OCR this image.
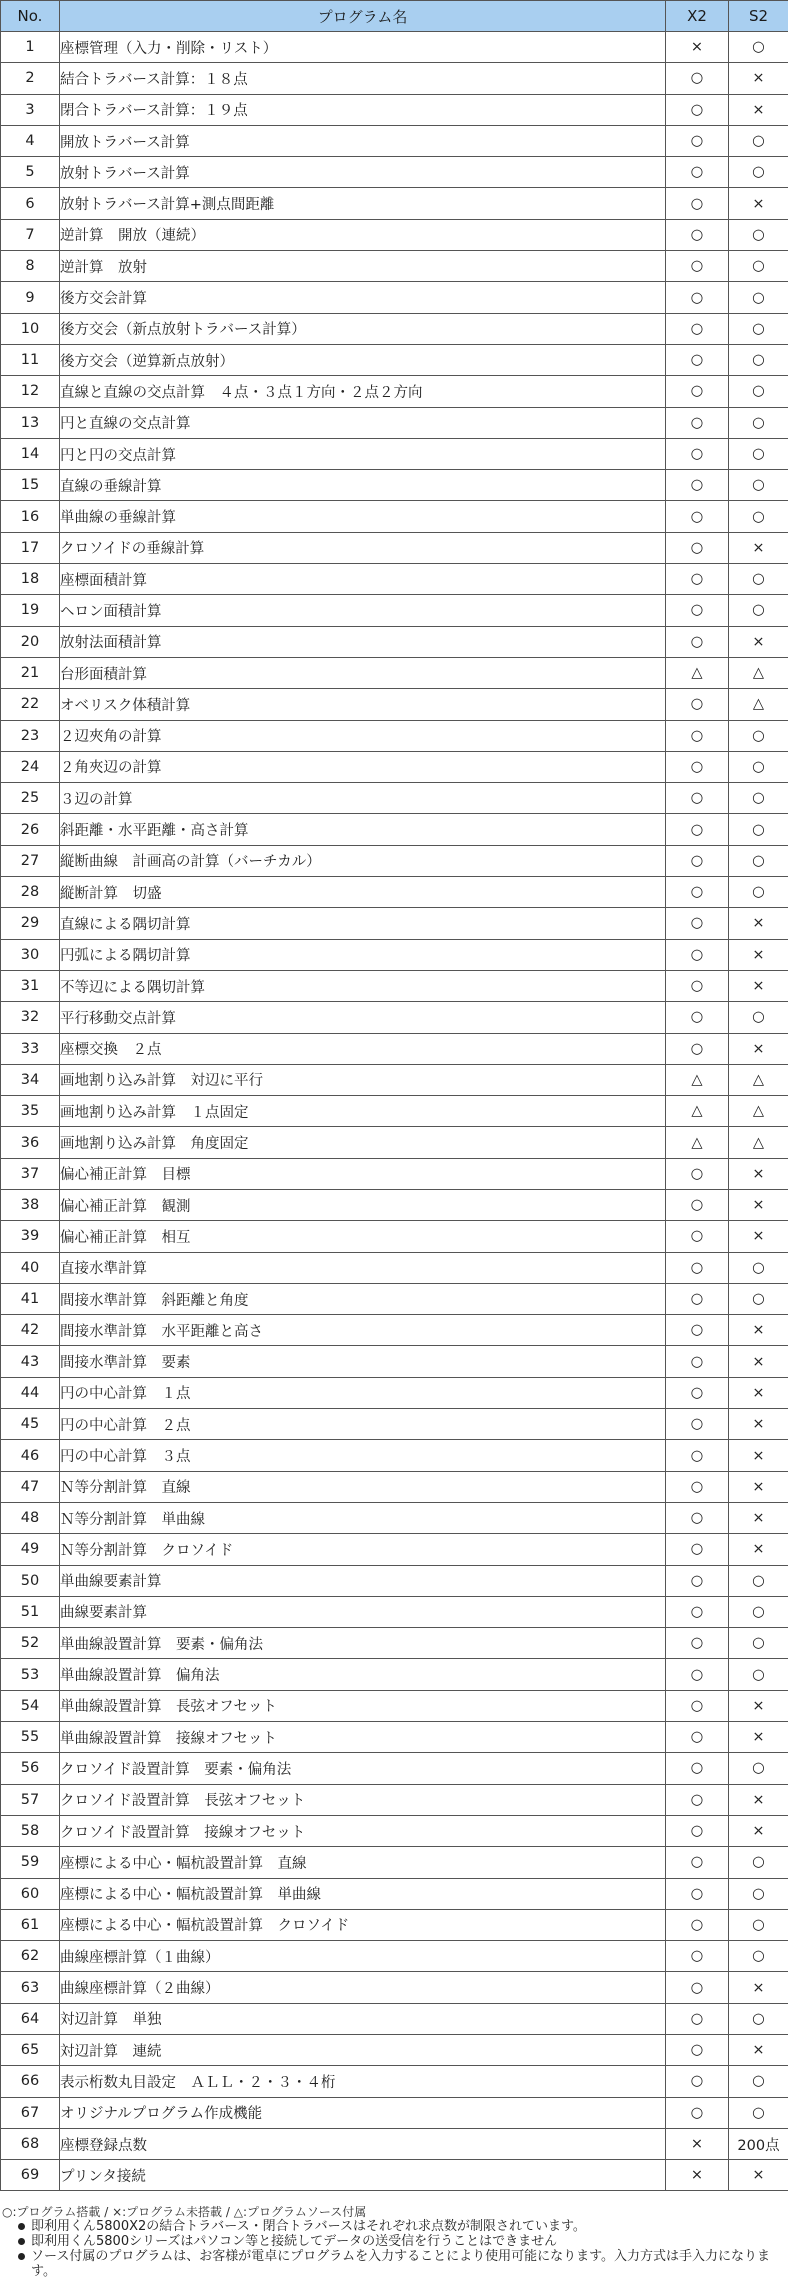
No.	プログラム名	X2	S2
1	座標管理（入力・削除・リスト）	×	○
2	結合トラバース計算：１８点	○	×
3	閉合トラバース計算：１９点	○	×
4	開放トラバース計算	○	○
5	放射トラバース計算	○	○
6	放射トラバース計算+測点間距離	○	×
7	逆計算　開放（連続）	○	○
8	逆計算　放射	○	○
9	後方交会計算	○	○
10	後方交会（新点放射トラバース計算）	○	○
11	後方交会（逆算新点放射）	○	○
12	直線と直線の交点計算　４点・３点１方向・２点２方向	○	○
13	円と直線の交点計算	○	○
14	円と円の交点計算	○	○
15	直線の垂線計算	○	○
16	単曲線の垂線計算	○	○
17	クロソイドの垂線計算	○	×
18	座標面積計算	○	○
19	ヘロン面積計算	○	○
20	放射法面積計算	○	×
21	台形面積計算	△	△
22	オベリスク体積計算	○	△
23	２辺夾角の計算	○	○
24	２角夾辺の計算	○	○
25	３辺の計算	○	○
26	斜距離・水平距離・高さ計算	○	○
27	縦断曲線　計画高の計算（バーチカル）	○	○
28	縦断計算　切盛	○	○
29	直線による隅切計算	○	×
30	円弧による隅切計算	○	×
31	不等辺による隅切計算	○	×
32	平行移動交点計算	○	○
33	座標交換　２点	○	×
34	画地割り込み計算　対辺に平行	△	△
35	画地割り込み計算　１点固定	△	△
36	画地割り込み計算　角度固定	△	△
37	偏心補正計算　目標	○	×
38	偏心補正計算　観測	○	×
39	偏心補正計算　相互	○	×
40	直接水準計算	○	○
41	間接水準計算　斜距離と角度	○	○
42	間接水準計算　水平距離と高さ	○	×
43	間接水準計算　要素	○	×
44	円の中心計算　１点	○	×
45	円の中心計算　２点	○	×
46	円の中心計算　３点	○	×
47	Ｎ等分割計算　直線	○	×
48	Ｎ等分割計算　単曲線	○	×
49	Ｎ等分割計算　クロソイド	○	×
50	単曲線要素計算	○	○
51	曲線要素計算	○	○
52	単曲線設置計算　要素・偏角法	○	○
53	単曲線設置計算　偏角法	○	○
54	単曲線設置計算　長弦オフセット	○	×
55	単曲線設置計算　接線オフセット	○	×
56	クロソイド設置計算　要素・偏角法	○	○
57	クロソイド設置計算　長弦オフセット	○	×
58	クロソイド設置計算　接線オフセット	○	×
59	座標による中心・幅杭設置計算　直線	○	○
60	座標による中心・幅杭設置計算　単曲線	○	○
61	座標による中心・幅杭設置計算　クロソイド	○	○
62	曲線座標計算（１曲線）	○	○
63	曲線座標計算（２曲線）	○	×
64	対辺計算　単独	○	○
65	対辺計算　連続	○	×
66	表示桁数丸目設定　ＡＬＬ・２・３・４桁	○	○
67	オリジナルプログラム作成機能	○	○
68	座標登録点数	×	200点
69	プリンタ接続	×	×
○:プログラム搭載 / ×:プログラム未搭載 / △:プログラムソース付属
即利用くん5800X2の結合トラバース・閉合トラバースはそれぞれ求点数が制限されています。
即利用くん5800シリーズはパソコン等と接続してデータの送受信を行うことはできません
ソース付属のプログラムは、お客様が電卓にプログラムを入力することにより使用可能になります。入力方式は手入力になります。
